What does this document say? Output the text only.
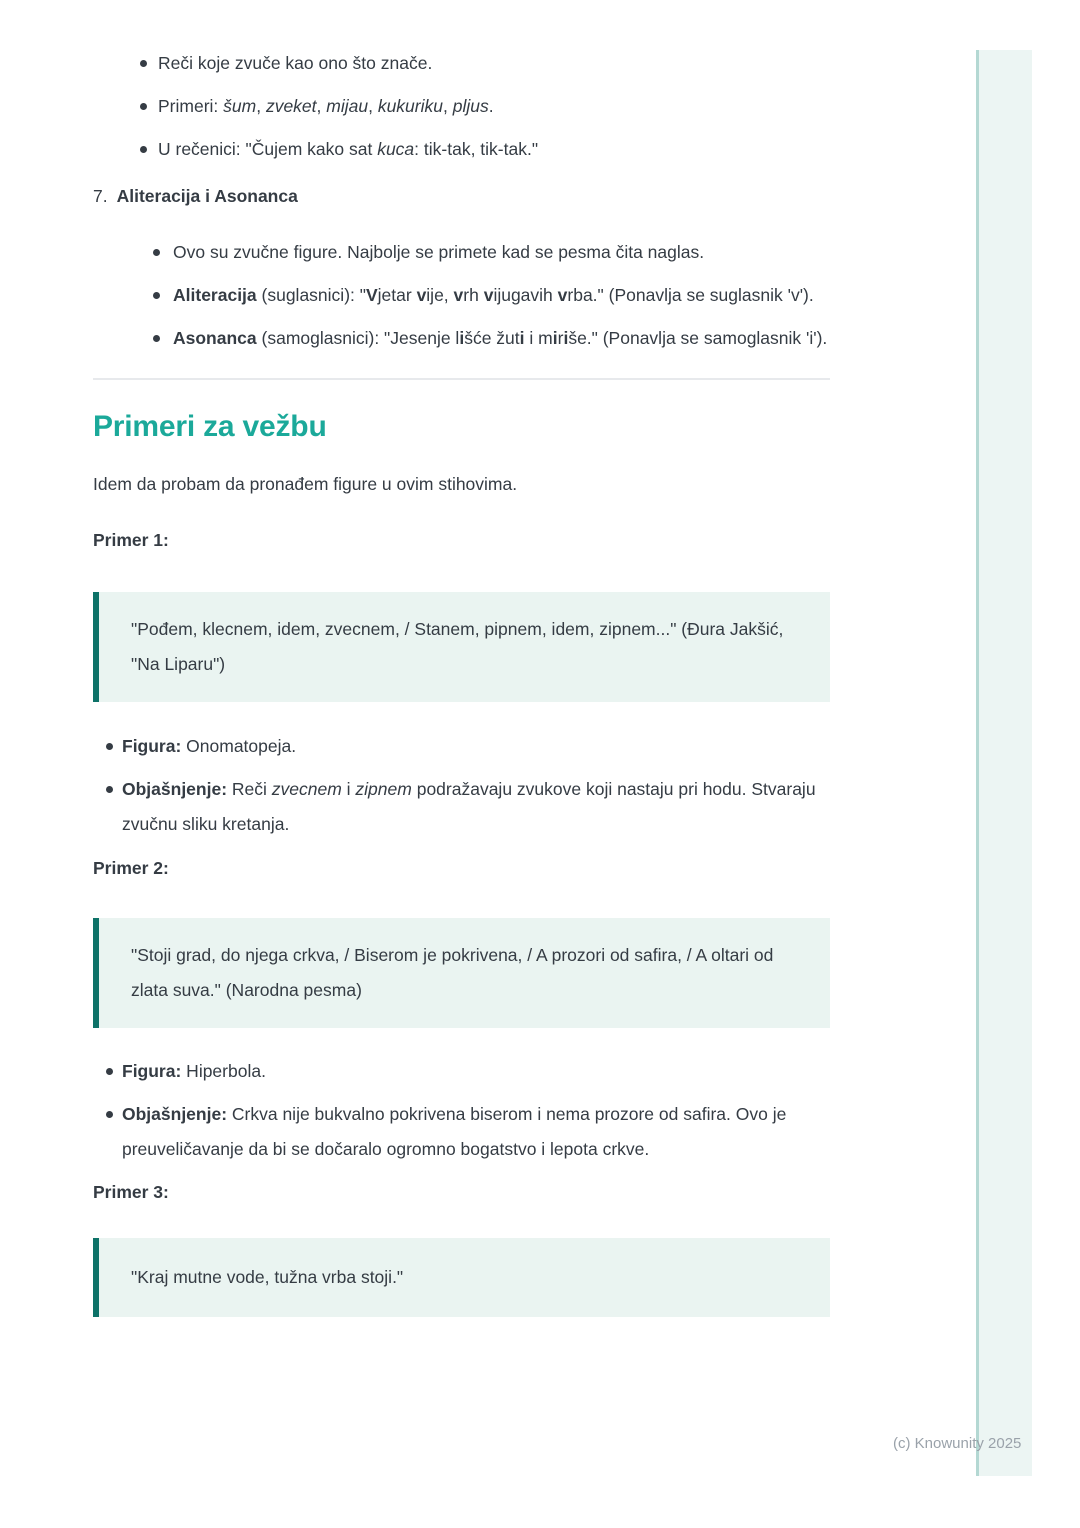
Reči koje zvuče kao ono što znače.
Primeri: šum, zveket, mijau, kukuriku, pljus.
U rečenici: "Čujem kako sat kuca: tik-tak, tik-tak."
7. Aliteracija i Asonanca
Ovo su zvučne figure. Najbolje se primete kad se pesma čita naglas.
Aliteracija (suglasnici): "Vjetar vije, vrh vijugavih vrba." (Ponavlja se suglasnik 'v').
Asonanca (samoglasnici): "Jesenje lišće žuti i miriše." (Ponavlja se samoglasnik 'i').
Primeri za vežbu

Idem da probam da pronađem figure u ovim stihovima.

Primer 1:

"Pođem, klecnem, idem, zvecnem, / Stanem, pipnem, idem, zipnem..." (Đura Jakšić, "Na Liparu")

Figura: Onomatopeja.
Objašnjenje: Reči zvecnem i zipnem podražavaju zvukove koji nastaju pri hodu. Stvaraju zvučnu sliku kretanja.

Primer 2:

"Stoji grad, do njega crkva, / Biserom je pokrivena, / A prozori od safira, / A oltari od zlata suva." (Narodna pesma)

Figura: Hiperbola.
Objašnjenje: Crkva nije bukvalno pokrivena biserom i nema prozore od safira. Ovo je preuveličavanje da bi se dočaralo ogromno bogatstvo i lepota crkve.

Primer 3:

"Kraj mutne vode, tužna vrba stoji."

(c) Knowunity 2025
